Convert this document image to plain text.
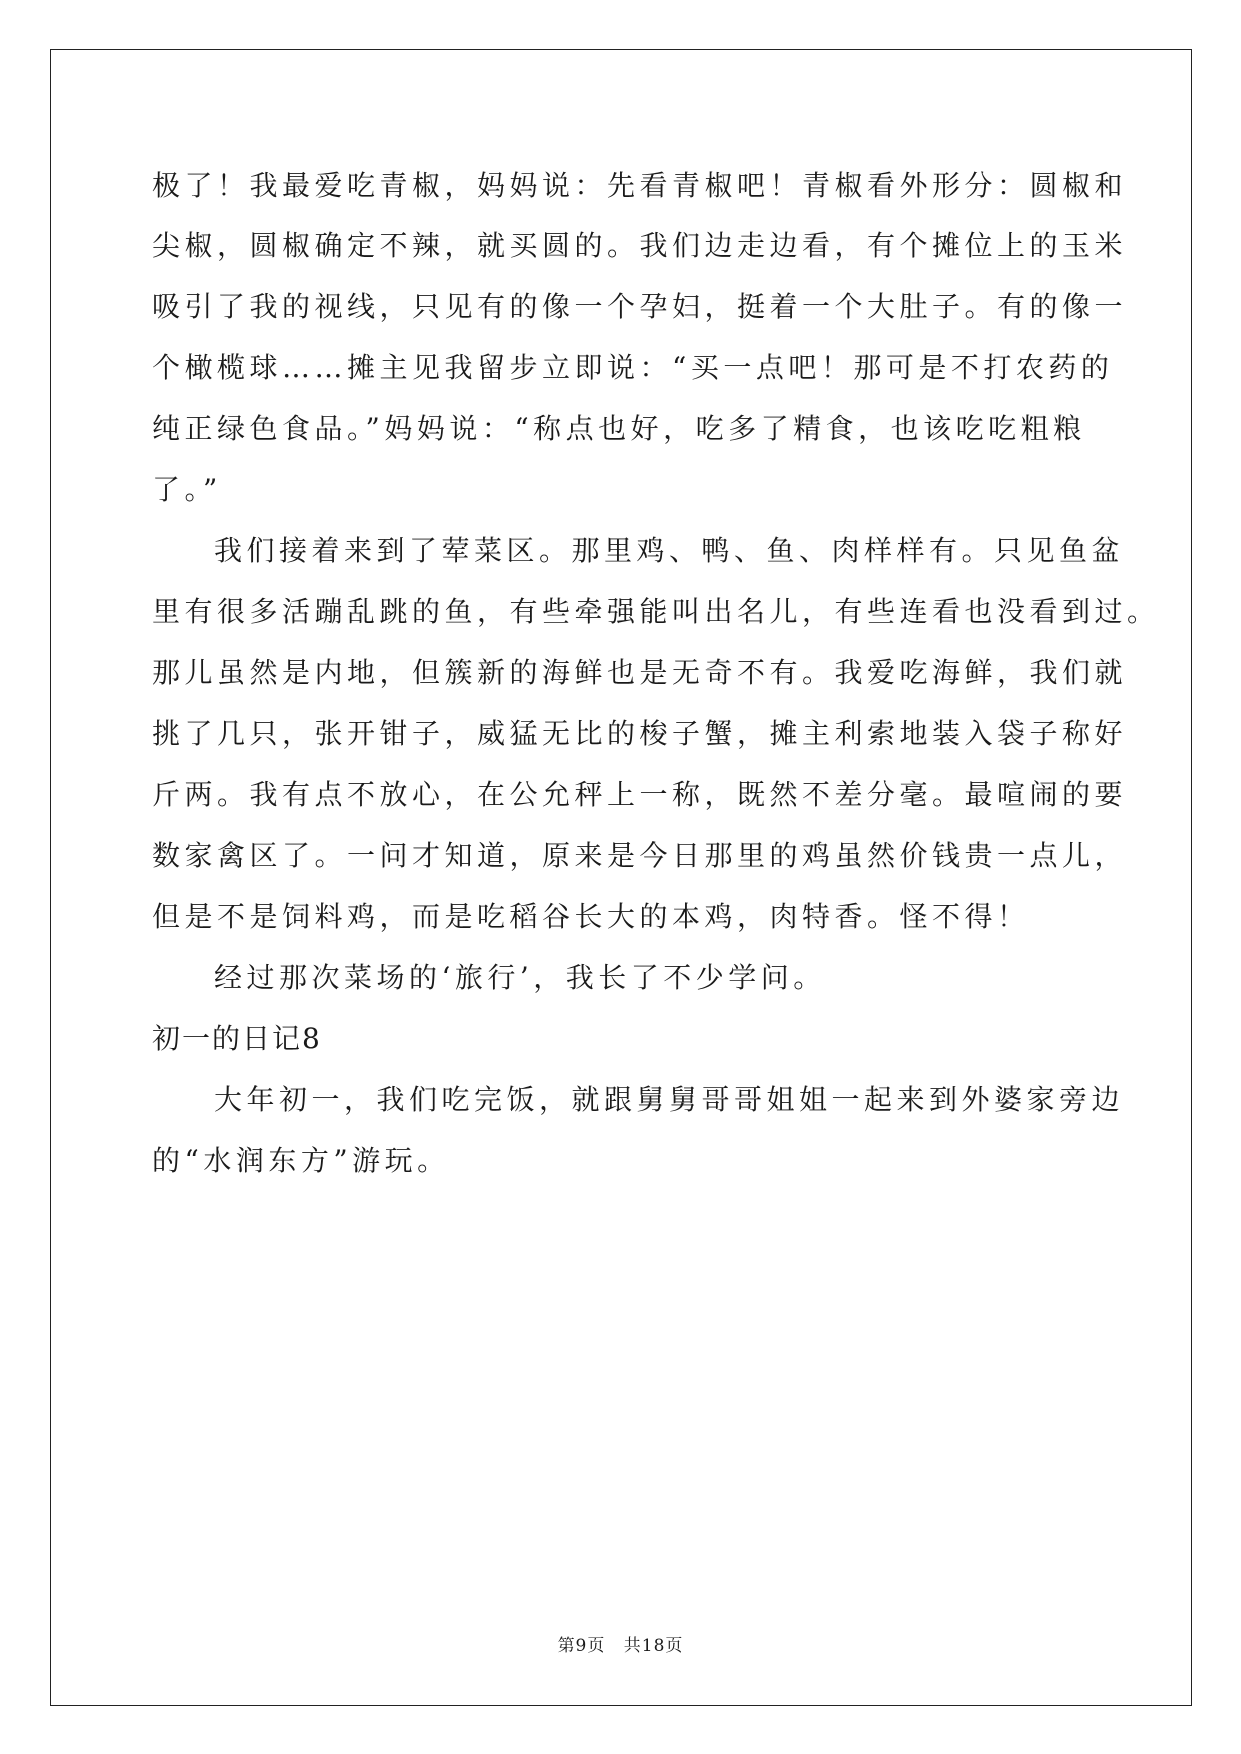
极了！我最爱吃青椒，妈妈说：先看青椒吧！青椒看外形分：圆椒和
尖椒，圆椒确定不辣，就买圆的。我们边走边看，有个摊位上的玉米
吸引了我的视线，只见有的像一个孕妇，挺着一个大肚子。有的像一
个橄榄球……摊主见我留步立即说：“买一点吧！那可是不打农药的
纯正绿色食品。”妈妈说：“称点也好，吃多了精食，也该吃吃粗粮
了。”
我们接着来到了荤菜区。那里鸡、鸭、鱼、肉样样有。只见鱼盆
里有很多活蹦乱跳的鱼，有些牵强能叫出名儿，有些连看也没看到过。
那儿虽然是内地，但簇新的海鲜也是无奇不有。我爱吃海鲜，我们就
挑了几只，张开钳子，威猛无比的梭子蟹，摊主利索地装入袋子称好
斤两。我有点不放心，在公允秤上一称，既然不差分毫。最喧闹的要
数家禽区了。一问才知道，原来是今日那里的鸡虽然价钱贵一点儿，
但是不是饲料鸡，而是吃稻谷长大的本鸡，肉特香。怪不得！
经过那次菜场的‘旅行’，我长了不少学问。
初一的日记8
大年初一，我们吃完饭，就跟舅舅哥哥姐姐一起来到外婆家旁边
的“水润东方”游玩。
第9页 共18页
